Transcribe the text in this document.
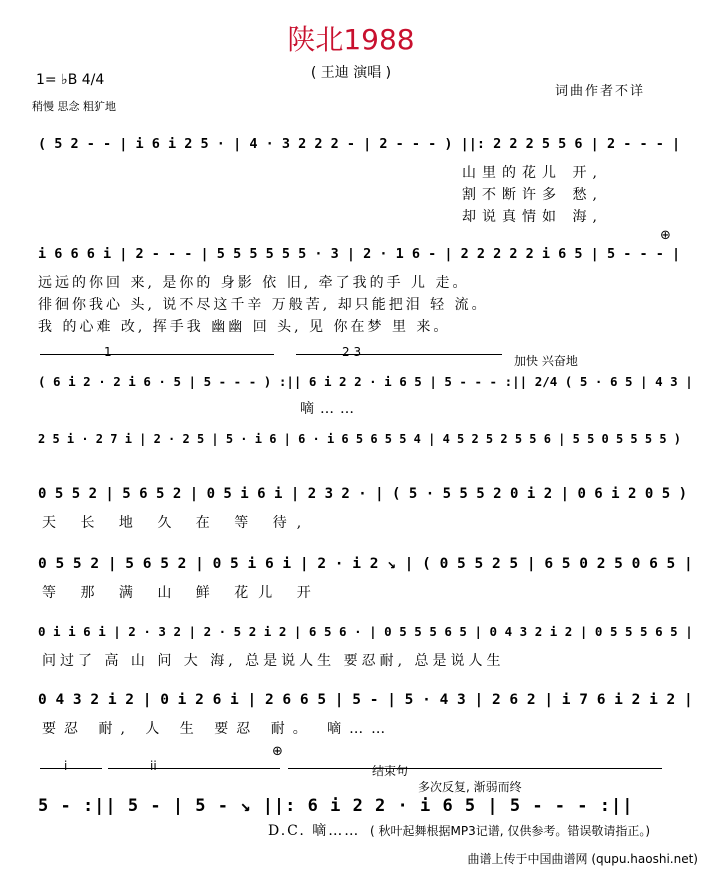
陕北1988
( 王迪 演唱 )
1= ♭B 4/4
稍慢 思念 粗犷地
词曲作者不详
( 5 2 - - | i 6 i 2 5 · | 4 · 3 2 2 2 - | 2 - - - ) ||: 2 2 2 5 5 6 | 2 - - - |
山里的花儿 开,
割不断许多 愁,
却说真情如 海,
⊕
i 6 6 6 i | 2 - - - | 5 5 5 5 5 5 · 3 | 2 · 1 6 - | 2 2 2 2 2 i 6 5 | 5 - - - |
远远的你回 来, 是你的 身影 依 旧, 牵了我的手 儿 走。
徘徊你我心 头, 说不尽这千辛 万般苦, 却只能把泪 轻 流。
我 的心难 改, 挥手我 幽幽 回 头, 见 你在梦 里 来。
1	2 3
加快 兴奋地
( 6 i 2 · 2 i 6 · 5 | 5 - - - ) :|| 6 i 2 2 · i 6 5 | 5 - - - :|| 2/4 ( 5 · 6 5 | 4 3 |
嘀……
2 5 i · 2 7 i | 2 · 2 5 | 5 · i 6 | 6 · i 6 5 6 5 5 4 | 4 5 2 5 2 5 5 6 | 5 5 0 5 5 5 5 )
0 5 5 2 | 5 6 5 2 | 0 5 i 6 i | 2 3 2 · | ( 5 · 5 5 5 2 0 i 2 | 0 6 i 2 0 5 )
天 长 地 久 在 等 待,
0 5 5 2 | 5 6 5 2 | 0 5 i 6 i | 2 · i 2 ↘ | ( 0 5 5 2 5 | 6 5 0 2 5 0 6 5 |
等 那 满 山 鲜 花儿 开
0 i i 6 i | 2 · 3 2 | 2 · 5 2 i 2 | 6 5 6 · | 0 5 5 5 6 5 | 0 4 3 2 i 2 | 0 5 5 5 6 5 |
问过了 高 山 问 大 海, 总是说人生 要忍耐, 总是说人生
0 4 3 2 i 2 | 0 i 2 6 i | 2 6 6 5 | 5 - | 5 · 4 3 | 2 6 2 | i 7 6 i 2 i 2 |
要忍 耐, 人 生 要忍 耐。 嘀……
⊕
i	ii	结束句
多次反复, 渐弱而终
5 - :|| 5 - | 5 - ↘ ||: 6 i 2 2 · i 6 5 | 5 - - - :||
D.C. 嘀…… ( 秋叶起舞根据MP3记谱, 仅供参考。错误敬请指正。)
曲谱上传于中国曲谱网 (qupu.haoshi.net)
